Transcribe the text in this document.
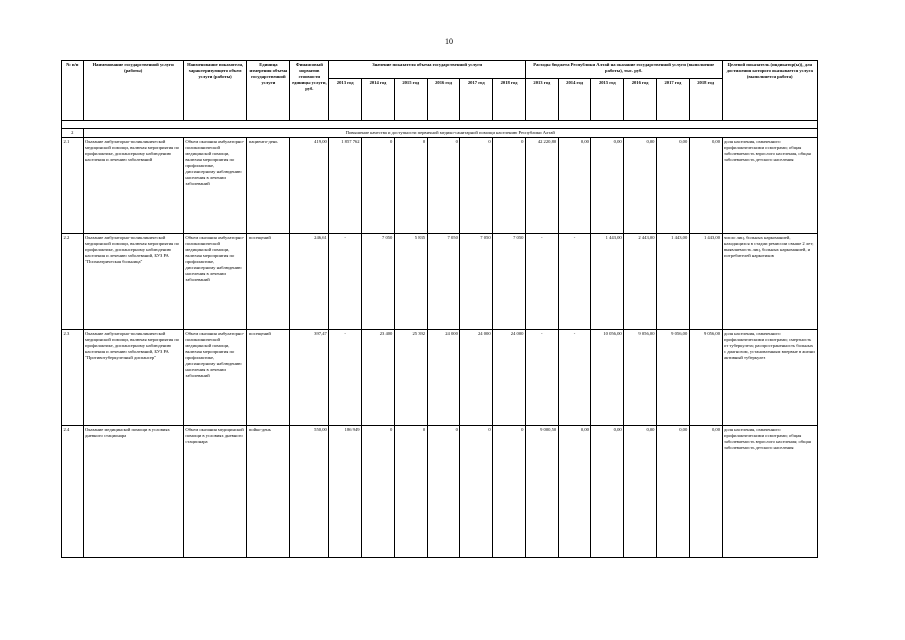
10
№ п/п	Наименование государственной услуги (работы)	Наименование показателя, характеризующего объем услуги (работы)	Единица измерения объема государственной услуги	Финансовый норматив стоимости единицы услуги, руб.	Значение показателя объема государственной услуги						Расходы бюджета Республики Алтай на оказание государственной услуги (выполнение работы), тыс. руб.						Целевой показатель (индикатор(ы)), для достижения которого оказывается услуга (выполняется работа)
					2013 год	2014 год	2015 год	2016 год	2017 год	2018 год	2013 год	2014 год	2015 год	2016 год	2017 год	2018 год	

2	Повышение качества и доступности первичной медико-санитарной помощи населению Республики Алтай																
2.1	Оказание амбулаторно-поликлинической медицинской помощи, включая мероприятия по профилактике, диспансерному наблюдению населения и лечению заболеваний	Объем оказания амбулаторно-поликлинической медицинской помощи, включая мероприятия по профилактике, диспансерному наблюдению населения в лечении заболеваний	пациенто-день	419,00	1 857 762	0	0	0	0	0	42 220,80	0,00	0,00	0,00	0,00	0,00	доля населения, охваченного профилактическими осмотрами; общая заболеваемость взрослого населения, общая заболеваемость детского населения
2.2	Оказание амбулаторно-поликлинической медицинской помощи, включая мероприятия по профилактике, диспансерному наблюдению населения и лечению заболеваний, БУЗ РА "Психиатрическая больница"	Объем оказания амбулаторно-поликлинической медицинской помощи, включая мероприятия по профилактике, диспансерному наблюдению населения в лечении заболеваний	посещений	246,61	-	7 050	5 835	7 050	7 050	7 050	-	-	1 443,00	2 443,00	1 443,00	1 443,00	число лиц, больных наркоманией, находящихся в стадии ремиссии свыше 2 лет; выявляемость лиц, больных наркоманией, и потребителей наркотиков
2.3	Оказание амбулаторно-поликлинической медицинской помощи, включая мероприятия по профилактике, диспансерному наблюдению населения и лечению заболеваний, БУЗ РА "Противотуберкулезный диспансер"	Объем оказания амбулаторно-поликлинической медицинской помощи, включая мероприятия по профилактике, диспансерному наблюдению населения в лечении заболеваний	посещений	397,47	-	23 400	25 392	24 000	24 000	24 000	-	-	10 056,00	9 056,00	9 056,00	9 056,00	доля населения, охваченного профилактическими осмотрами; смертность от туберкулеза; распространенность больных с диагнозом, установленным впервые в жизни активный туберкулез
2.4	Оказание медицинской помощи в условиях дневного стационара	Объем оказания медицинской помощи в условиях дневного стационара	пойко-день	550,00	186 949	0	0	0	0	0	9 000,50	0,00	0,00	0,00	0,00	0,00	доля населения, охваченного профилактическими осмотрами; общая заболеваемость взрослого населения; общая заболеваемость детского населения
